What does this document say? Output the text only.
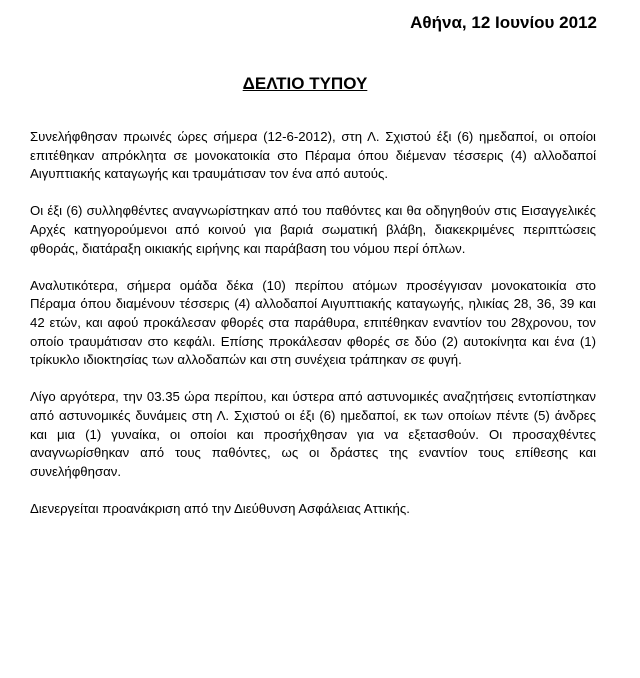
Αθήνα, 12 Ιουνίου 2012
ΔΕΛΤΙΟ ΤΥΠΟΥ

Συνελήφθησαν πρωινές ώρες σήμερα (12-6-2012), στη Λ. Σχιστού έξι (6) ημεδαποί, οι οποίοι επιτέθηκαν απρόκλητα σε μονοκατοικία στο Πέραμα όπου διέμεναν τέσσερις (4) αλλοδαποί Αιγυπτιακής καταγωγής και τραυμάτισαν τον ένα από αυτούς.

Οι έξι (6) συλληφθέντες αναγνωρίστηκαν από του παθόντες και θα οδηγηθούν στις Εισαγγελικές Αρχές κατηγορούμενοι από κοινού για βαριά σωματική βλάβη, διακεκριμένες περιπτώσεις φθοράς, διατάραξη οικιακής ειρήνης και παράβαση του νόμου περί όπλων.

Αναλυτικότερα, σήμερα ομάδα δέκα (10) περίπου ατόμων προσέγγισαν μονοκατοικία στο Πέραμα όπου διαμένουν τέσσερις (4) αλλοδαποί Αιγυπτιακής καταγωγής, ηλικίας 28, 36, 39 και 42 ετών, και αφού προκάλεσαν φθορές στα παράθυρα, επιτέθηκαν εναντίον του 28χρονου, τον οποίο τραυμάτισαν στο κεφάλι. Επίσης προκάλεσαν φθορές σε δύο (2) αυτοκίνητα και ένα (1) τρίκυκλο ιδιοκτησίας των αλλοδαπών και στη συνέχεια τράπηκαν σε φυγή.

Λίγο αργότερα, την 03.35 ώρα περίπου, και ύστερα από αστυνομικές αναζητήσεις εντοπίστηκαν από αστυνομικές δυνάμεις στη Λ. Σχιστού οι έξι (6) ημεδαποί, εκ των οποίων πέντε (5) άνδρες και μια (1) γυναίκα, οι οποίοι και προσήχθησαν για να εξετασθούν. Οι προσαχθέντες αναγνωρίσθηκαν από τους παθόντες, ως οι δράστες της εναντίον τους επίθεσης και συνελήφθησαν.

Διενεργείται προανάκριση από την Διεύθυνση Ασφάλειας Αττικής.
